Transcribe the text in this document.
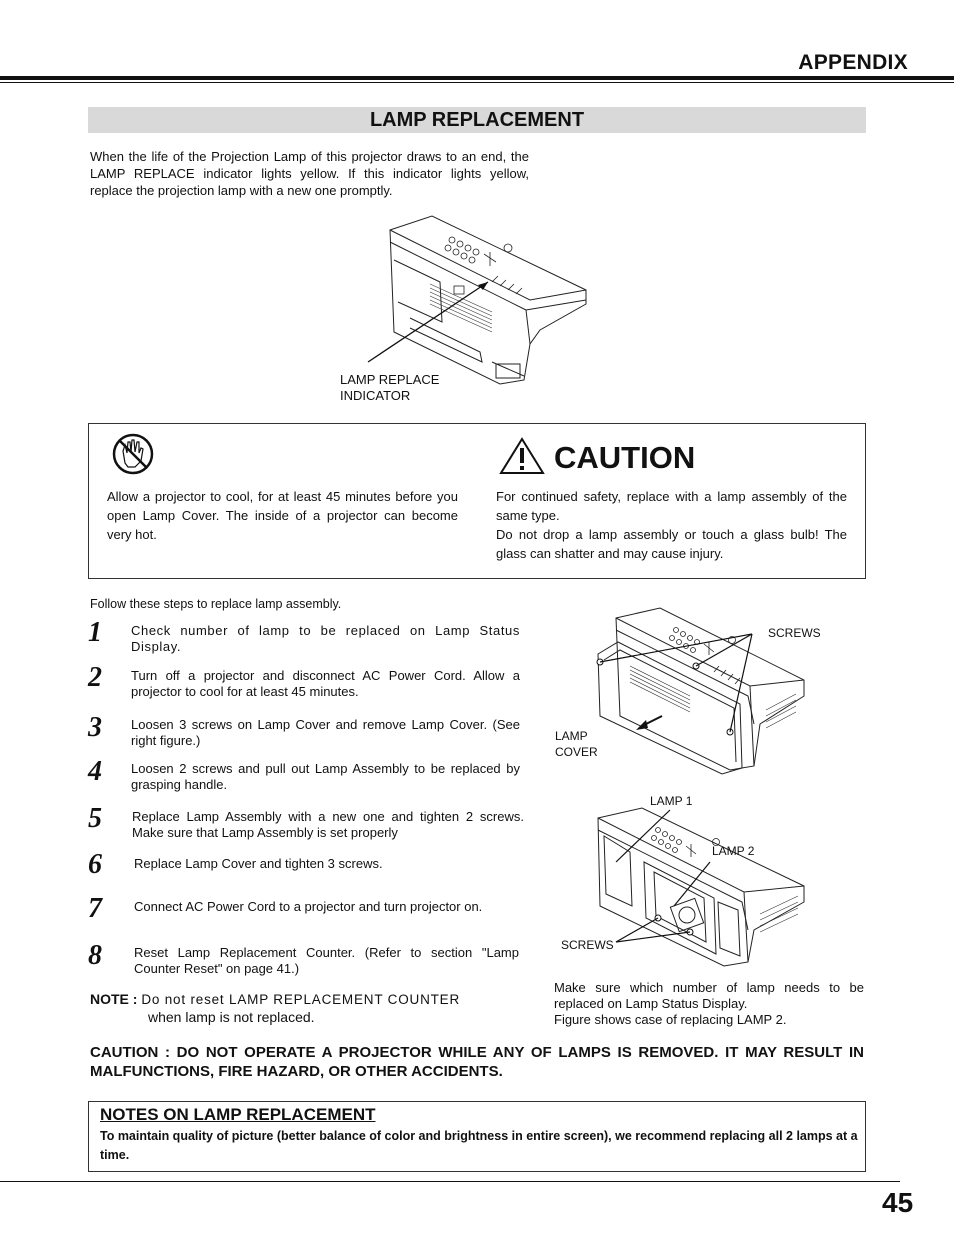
APPENDIX
LAMP REPLACEMENT
When the life of the Projection Lamp of this projector draws to an end, the LAMP REPLACE indicator lights yellow. If this indicator lights yellow, replace the projection lamp with a new one promptly.
LAMP REPLACE
INDICATOR
CAUTION
Allow a projector to cool, for at least 45 minutes before you open Lamp Cover. The inside of a projector can become very hot.

For continued safety, replace with a lamp assembly of the same type.

Do not drop a lamp assembly or touch a glass bulb! The glass can shatter and may cause injury.

Follow these steps to replace lamp assembly.
1 Check number of lamp to be replaced on Lamp Status Display.
2 Turn off a projector and disconnect AC Power Cord. Allow a projector to cool for at least 45 minutes.
3 Loosen 3 screws on Lamp Cover and remove Lamp Cover. (See right figure.)
4 Loosen 2 screws and pull out Lamp Assembly to be replaced by grasping handle.
5 Replace Lamp Assembly with a new one and tighten 2 screws. Make sure that Lamp Assembly is set properly
6 Replace Lamp Cover and tighten 3 screws.
7 Connect AC Power Cord to a projector and turn projector on.
8 Reset Lamp Replacement Counter. (Refer to section "Lamp Counter Reset" on page 41.)
NOTE : Do not reset LAMP REPLACEMENT COUNTER
when lamp is not replaced.
SCREWS
LAMP
COVER
LAMP 1
LAMP 2
SCREWS
Make sure which number of lamp needs to be
replaced on Lamp Status Display.
Figure shows case of replacing LAMP 2.
CAUTION : DO NOT OPERATE A PROJECTOR WHILE ANY OF LAMPS IS REMOVED. IT MAY RESULT IN MALFUNCTIONS, FIRE HAZARD, OR OTHER ACCIDENTS.
NOTES ON LAMP REPLACEMENT
To maintain quality of picture (better balance of color and brightness in entire screen), we recommend replacing all 2 lamps at a time.
45
